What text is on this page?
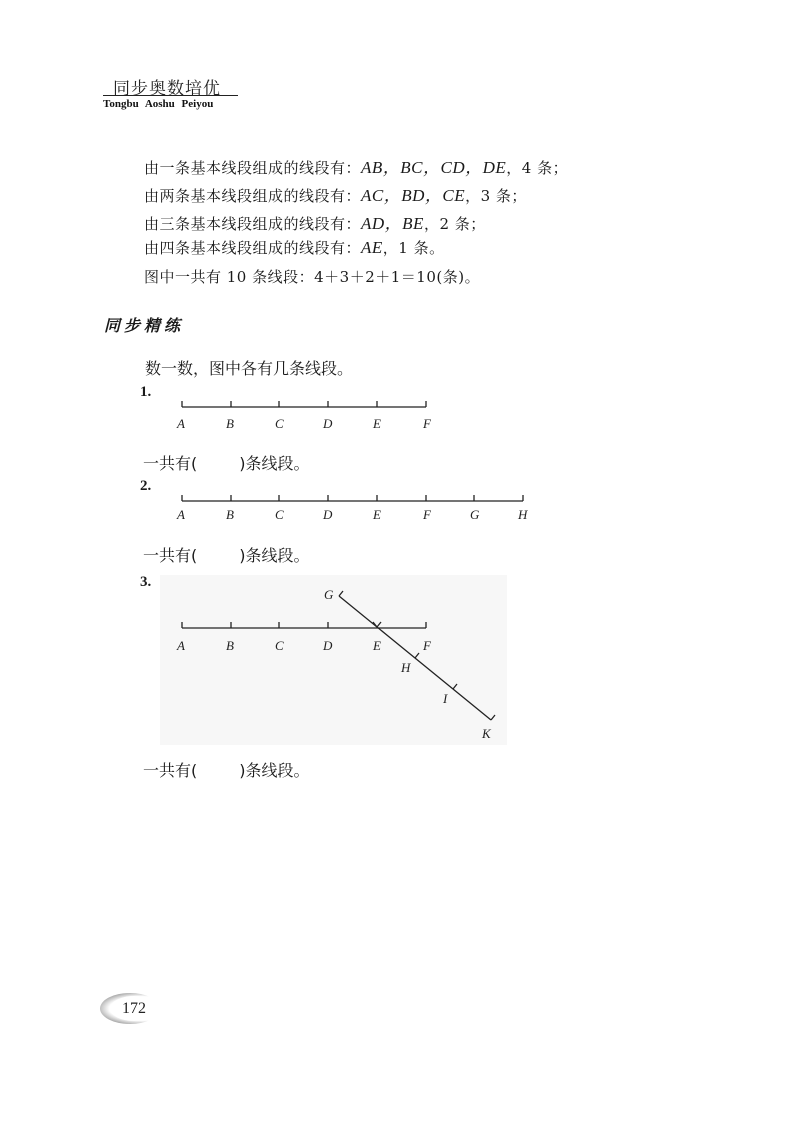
同步奥数培优
Tongbu Aoshu Peiyou
由一条基本线段组成的线段有：AB，BC，CD，DE，4 条；
由两条基本线段组成的线段有：AC，BD，CE，3 条；
由三条基本线段组成的线段有：AD，BE，2 条；
由四条基本线段组成的线段有：AE，1 条。
图中一共有 10 条线段：4＋3＋2＋1＝10(条)。
同步精练
数一数，图中各有几条线段。
1.
A	B	C	D	E	F
一共有(	)条线段。
2.
A	B	C	D	E	F	G	H
一共有(	)条线段。
3.
A	B	C	D	E	F
G
H
I
K
一共有(	)条线段。
172
